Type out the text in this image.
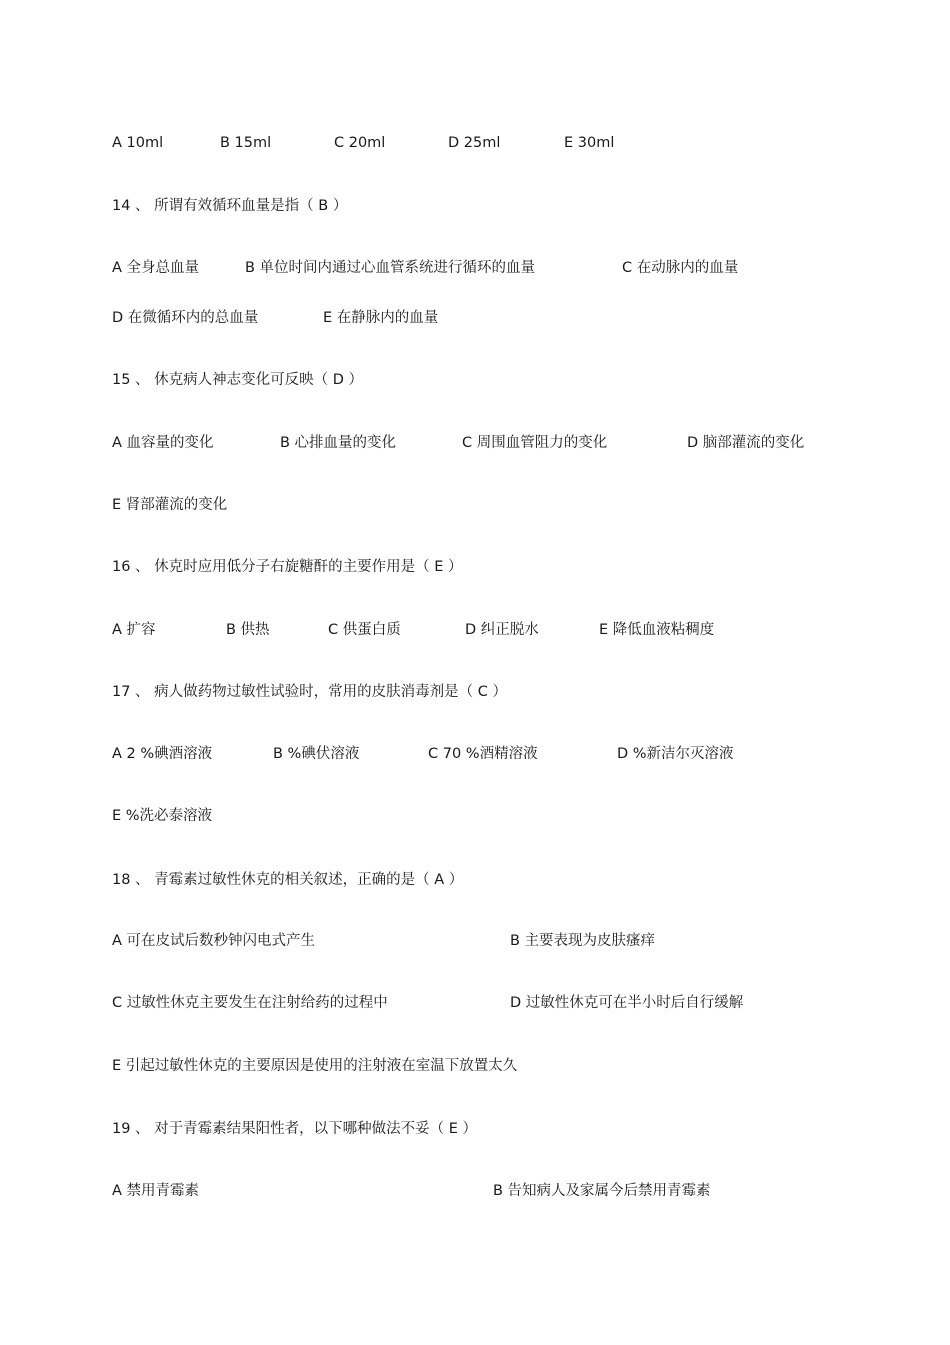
A 10ml	B 15ml	C 20ml	D 25ml	E 30ml
14 、 所谓有效循环血量是指（ B ）
A 全身总血量	B 单位时间内通过心血管系统进行循环的血量	C 在动脉内的血量
D 在微循环内的总血量	E 在静脉内的血量
15 、 休克病人神志变化可反映（ D ）
A 血容量的变化	B 心排血量的变化	C 周围血管阻力的变化	D 脑部灌流的变化
E 肾部灌流的变化
16 、 休克时应用低分子右旋糖酐的主要作用是（ E ）
A 扩容	B 供热	C 供蛋白质	D 纠正脱水	E 降低血液粘稠度
17 、 病人做药物过敏性试验时，常用的皮肤消毒剂是（ C ）
A 2 %碘酒溶液	B %碘伏溶液	C 70 %酒精溶液	D %新洁尔灭溶液
E %洗必泰溶液
18 、 青霉素过敏性休克的相关叙述，正确的是（ A ）
A 可在皮试后数秒钟闪电式产生	B 主要表现为皮肤瘙痒
C 过敏性休克主要发生在注射给药的过程中	D 过敏性休克可在半小时后自行缓解
E 引起过敏性休克的主要原因是使用的注射液在室温下放置太久
19 、 对于青霉素结果阳性者，以下哪种做法不妥（ E ）
A 禁用青霉素	B 告知病人及家属今后禁用青霉素
